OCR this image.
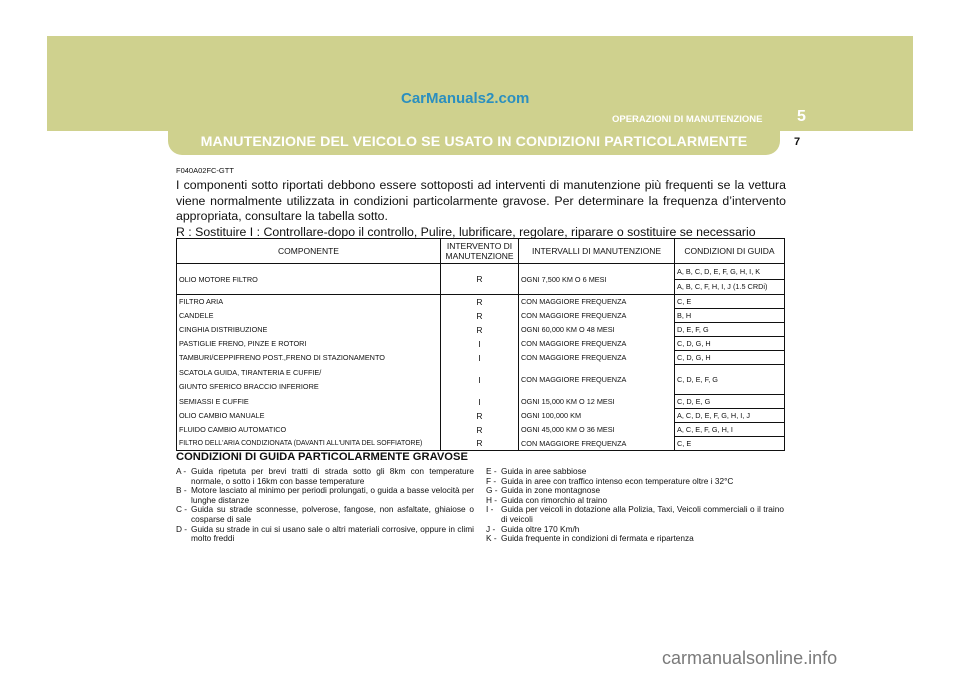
CarManuals2.com
OPERAZIONI DI MANUTENZIONE 5
MANUTENZIONE DEL VEICOLO SE USATO IN CONDIZIONI PARTICOLARMENTE GRAVOSE
7
F040A02FC-GTT
I componenti sotto riportati debbono essere sottoposti ad interventi di manutenzione più frequenti se la vettura viene normalmente utilizzata in condizioni particolarmente gravose. Per determinare la frequenza d’intervento appropriata, consultare la tabella sotto.
R : Sostituire I : Controllare-dopo il controllo, Pulire, lubrificare, regolare, riparare o sostituire se necessario
COMPONENTE	INTERVENTO DI MANUTENZIONE	INTERVALLI DI MANUTENZIONE	CONDIZIONI DI GUIDA
OLIO MOTORE FILTRO	R	OGNI 7,500 KM O 6 MESI	A, B, C, D, E, F, G, H, I, K
			A, B, C, F, H, I, J (1.5 CRDi)
FILTRO ARIA	R	CON MAGGIORE FREQUENZA	C, E
CANDELE	R	CON MAGGIORE FREQUENZA	B, H
CINGHIA DISTRIBUZIONE	R	OGNI 60,000 KM O 48 MESI	D, E, F, G
PASTIGLIE FRENO, PINZE E ROTORI	I	CON MAGGIORE FREQUENZA	C, D, G, H
TAMBURI/CEPPIFRENO POST.,FRENO DI STAZIONAMENTO	I	CON MAGGIORE FREQUENZA	C, D, G, H

SCATOLA GUIDA, TIRANTERIA E CUFFIE/
GIUNTO SFERICO BRACCIO INFERIORE	I	CON MAGGIORE FREQUENZA	C, D, E, F, G
SEMIASSI E CUFFIE	I	OGNI 15,000 KM O 12 MESI	C, D, E, G
OLIO CAMBIO MANUALE	R	OGNI 100,000 KM	A, C, D, E, F, G, H, I, J
FLUIDO CAMBIO AUTOMATICO	R	OGNI 45,000 KM O 36 MESI	A, C, E, F, G, H, I
FILTRO DELL'ARIA CONDIZIONATA (DAVANTI ALL'UNITA DEL SOFFIATORE)	R	CON MAGGIORE FREQUENZA	C, E
CONDIZIONI DI GUIDA PARTICOLARMENTE GRAVOSE
A - Guida ripetuta per brevi tratti di strada sotto gli 8km con temperature normale, o sotto i 16km con basse temperature
B - Motore lasciato al minimo per periodi prolungati, o guida a basse velocità per lunghe distanze
C - Guida su strade sconnesse, polverose, fangose, non asfaltate, ghiaiose o cosparse di sale
D - Guida su strade in cui si usano sale o altri materiali corrosive, oppure in climi molto freddi
E - Guida in aree sabbiose
F - Guida in aree con traffico intenso econ temperature oltre i 32°C
G - Guida in zone montagnose
H - Guida con rimorchio al traino
I - Guida per veicoli in dotazione alla Polizia, Taxi, Veicoli commerciali o il traino di veicoli
J - Guida oltre 170 Km/h
K - Guida frequente in condizioni di fermata e ripartenza
carmanualsonline.info
